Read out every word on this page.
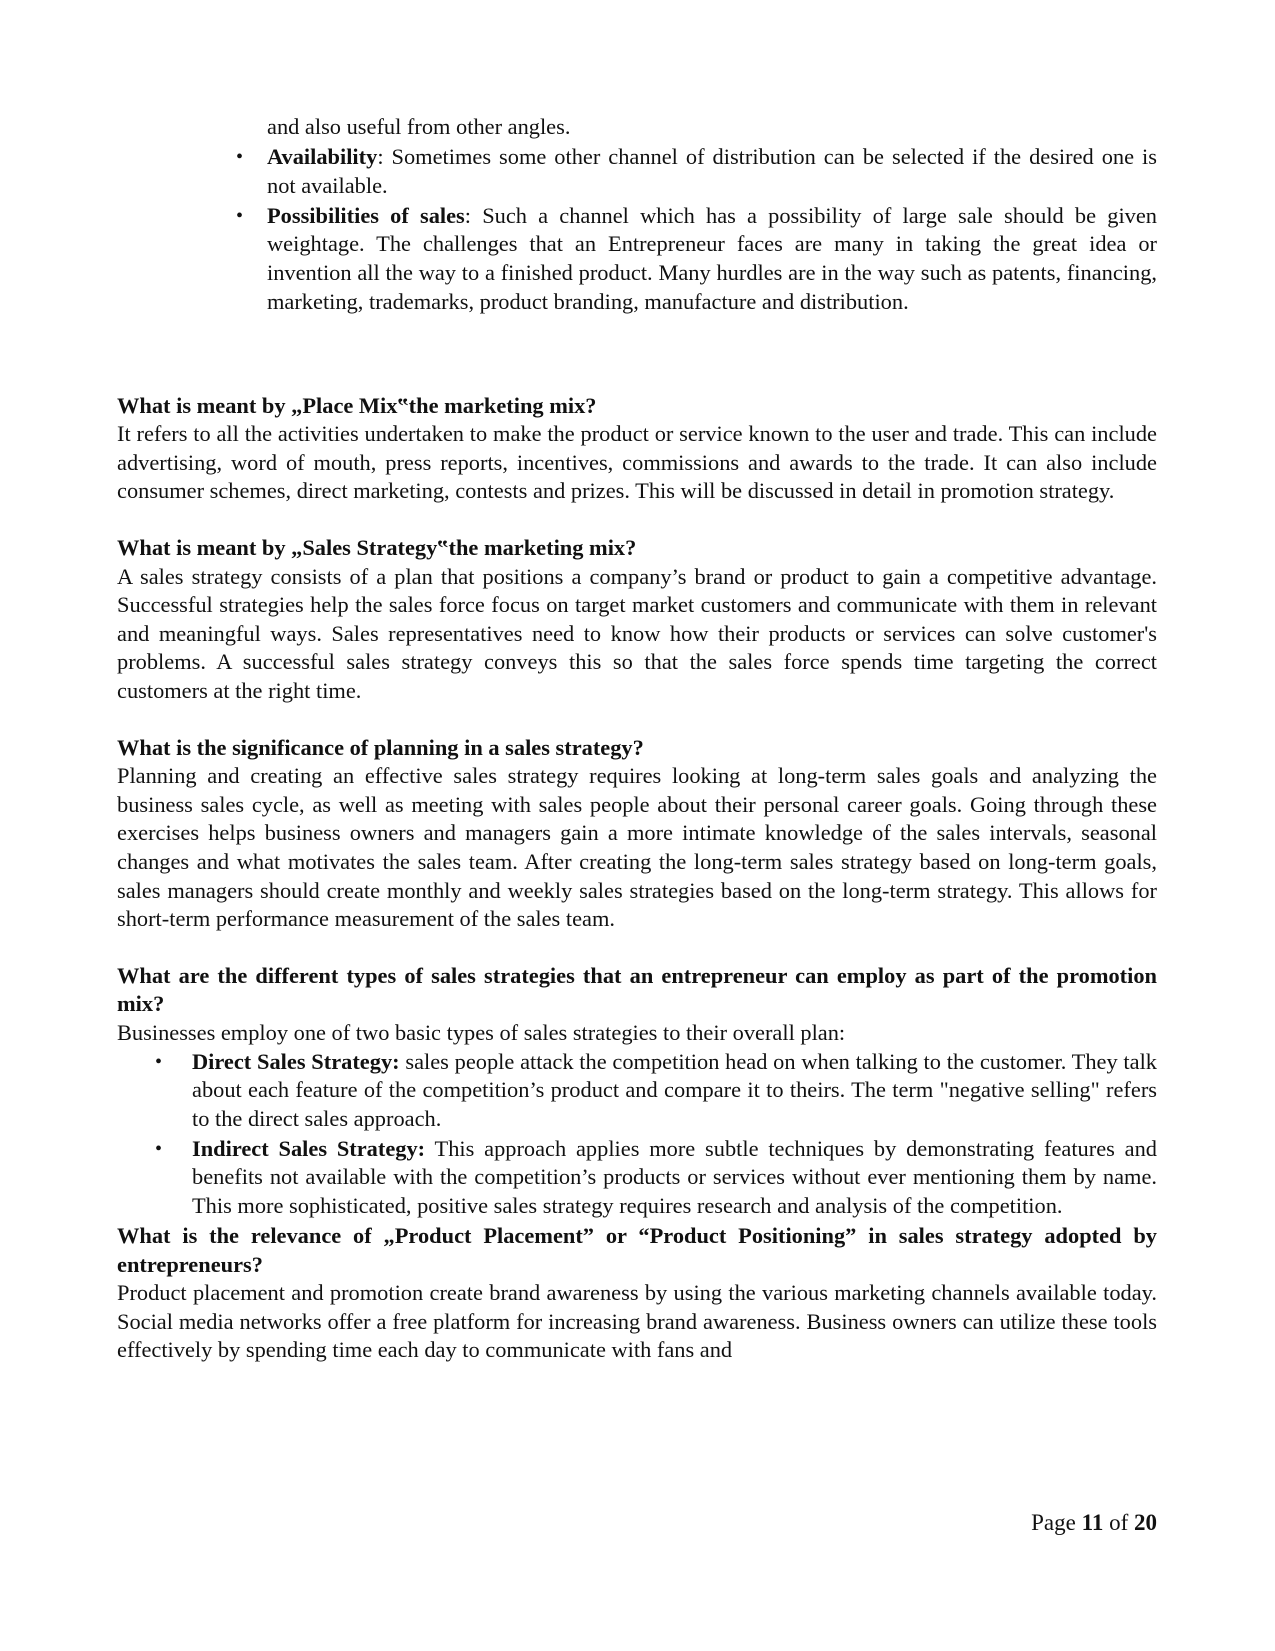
and also useful from other angles.
• Availability: Sometimes some other channel of distribution can be selected if the desired one is not available.
• Possibilities of sales: Such a channel which has a possibility of large sale should be given weightage. The challenges that an Entrepreneur faces are many in taking the great idea or invention all the way to a finished product. Many hurdles are in the way such as patents, financing, marketing, trademarks, product branding, manufacture and distribution.

What is meant by „Place Mix‟the marketing mix?

It refers to all the activities undertaken to make the product or service known to the user and trade. This can include advertising, word of mouth, press reports, incentives, commissions and awards to the trade. It can also include consumer schemes, direct marketing, contests and prizes. This will be discussed in detail in promotion strategy.

What is meant by „Sales Strategy‟the marketing mix?

A sales strategy consists of a plan that positions a company’s brand or product to gain a competitive advantage. Successful strategies help the sales force focus on target market customers and communicate with them in relevant and meaningful ways. Sales representatives need to know how their products or services can solve customer's problems. A successful sales strategy conveys this so that the sales force spends time targeting the correct customers at the right time.

What is the significance of planning in a sales strategy?

Planning and creating an effective sales strategy requires looking at long-term sales goals and analyzing the business sales cycle, as well as meeting with sales people about their personal career goals. Going through these exercises helps business owners and managers gain a more intimate knowledge of the sales intervals, seasonal changes and what motivates the sales team. After creating the long-term sales strategy based on long-term goals, sales managers should create monthly and weekly sales strategies based on the long-term strategy. This allows for short-term performance measurement of the sales team.

What are the different types of sales strategies that an entrepreneur can employ as part of the promotion mix?

Businesses employ one of two basic types of sales strategies to their overall plan:

• Direct Sales Strategy: sales people attack the competition head on when talking to the customer. They talk about each feature of the competition’s product and compare it to theirs. The term "negative selling" refers to the direct sales approach.
• Indirect Sales Strategy: This approach applies more subtle techniques by demonstrating features and benefits not available with the competition’s products or services without ever mentioning them by name. This more sophisticated, positive sales strategy requires research and analysis of the competition.

What is the relevance of „Product Placement” or “Product Positioning” in sales strategy adopted by entrepreneurs?

Product placement and promotion create brand awareness by using the various marketing channels available today. Social media networks offer a free platform for increasing brand awareness. Business owners can utilize these tools effectively by spending time each day to communicate with fans and

Page 11 of 20
